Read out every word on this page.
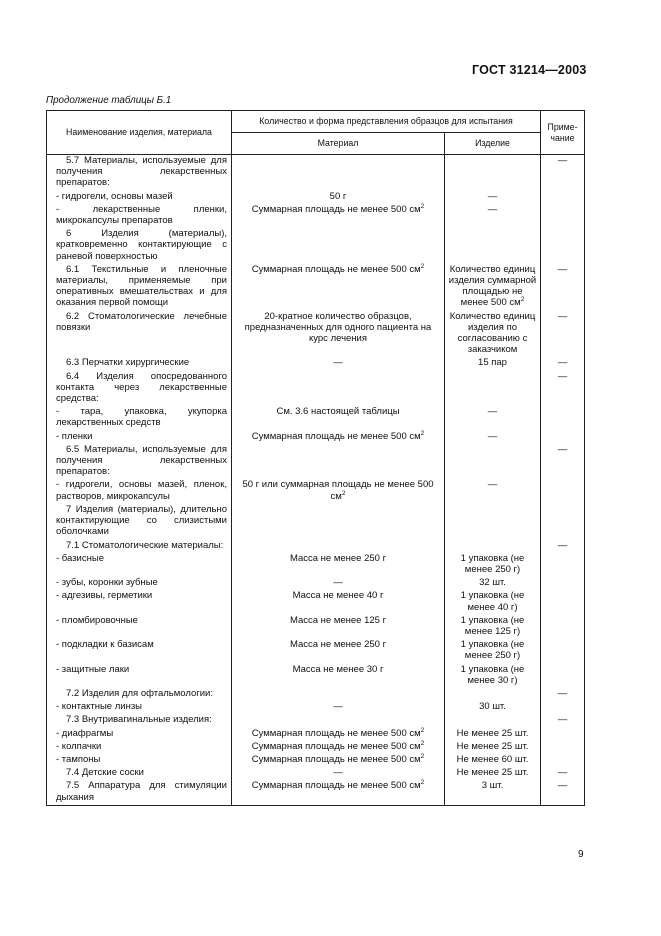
ГОСТ 31214—2003
Продолжение таблицы Б.1
Наименование изделия, материала	Количество и форма представления образцов для испытания		Приме-чание
	Материал	Изделие	
5.7 Материалы, используемые для получения лекарственных препаратов:			—
- гидрогели, основы мазей	50 г	—	
- лекарственные пленки, микрокапсулы препаратов	Суммарная площадь не менее 500 $см^2$	—	
6 Изделия (материалы), кратковременно контактирующие с раневой поверхностью			
6.1 Текстильные и пленочные материалы, применяемые при оперативных вмешательствах и для оказания первой помощи	Суммарная площадь не менее 500 $см^2$	Количество единиц изделия суммарной площадью не менее 500 $см^2$	—
6.2 Стоматологические лечебные повязки	20-кратное количество образцов, предназначенных для одного пациента на курс лечения	Количество единиц изделия по согласованию с заказчиком	—
6.3 Перчатки хирургические	—	15 пар	—
6.4 Изделия опосредованного контакта через лекарственные средства:			—
- тара, упаковка, укупорка лекарственных средств	См. 3.6 настоящей таблицы	—	
- пленки	Суммарная площадь не менее 500 $см^2$	—	
6.5 Материалы, используемые для получения лекарственных препаратов:			—
- гидрогели, основы мазей, пленок, растворов, микрокапсулы	50 г или суммарная площадь не менее 500 $см^2$	—	
7 Изделия (материалы), длительно контактирующие со слизистыми оболочками			
7.1 Стоматологические материалы:			—
- базисные	Масса не менее 250 г	1 упаковка (не менее 250 г)	
- зубы, коронки зубные	—	32 шт.	
- адгезивы, герметики	Масса не менее 40 г	1 упаковка (не менее 40 г)	
- пломбировочные	Масса не менее 125 г	1 упаковка (не менее 125 г)	
- подкладки к базисам	Масса не менее 250 г	1 упаковка (не менее 250 г)	
- защитные лаки	Масса не менее 30 г	1 упаковка (не менее 30 г)	
7.2 Изделия для офтальмологии:			—
- контактные линзы	—	30 шт.	
7.3 Внутривагинальные изделия:			—
- диафрагмы	Суммарная площадь не менее 500 $см^2$	Не менее 25 шт.	
- колпачки	Суммарная площадь не менее 500 $см^2$	Не менее 25 шт.	
- тампоны	Суммарная площадь не менее 500 $см^2$	Не менее 60 шт.	
7.4 Детские соски	—	Не менее 25 шт.	—
7.5 Аппаратура для стимуляции дыхания	Суммарная площадь не менее 500 $см^2$	3 шт.	—
9
